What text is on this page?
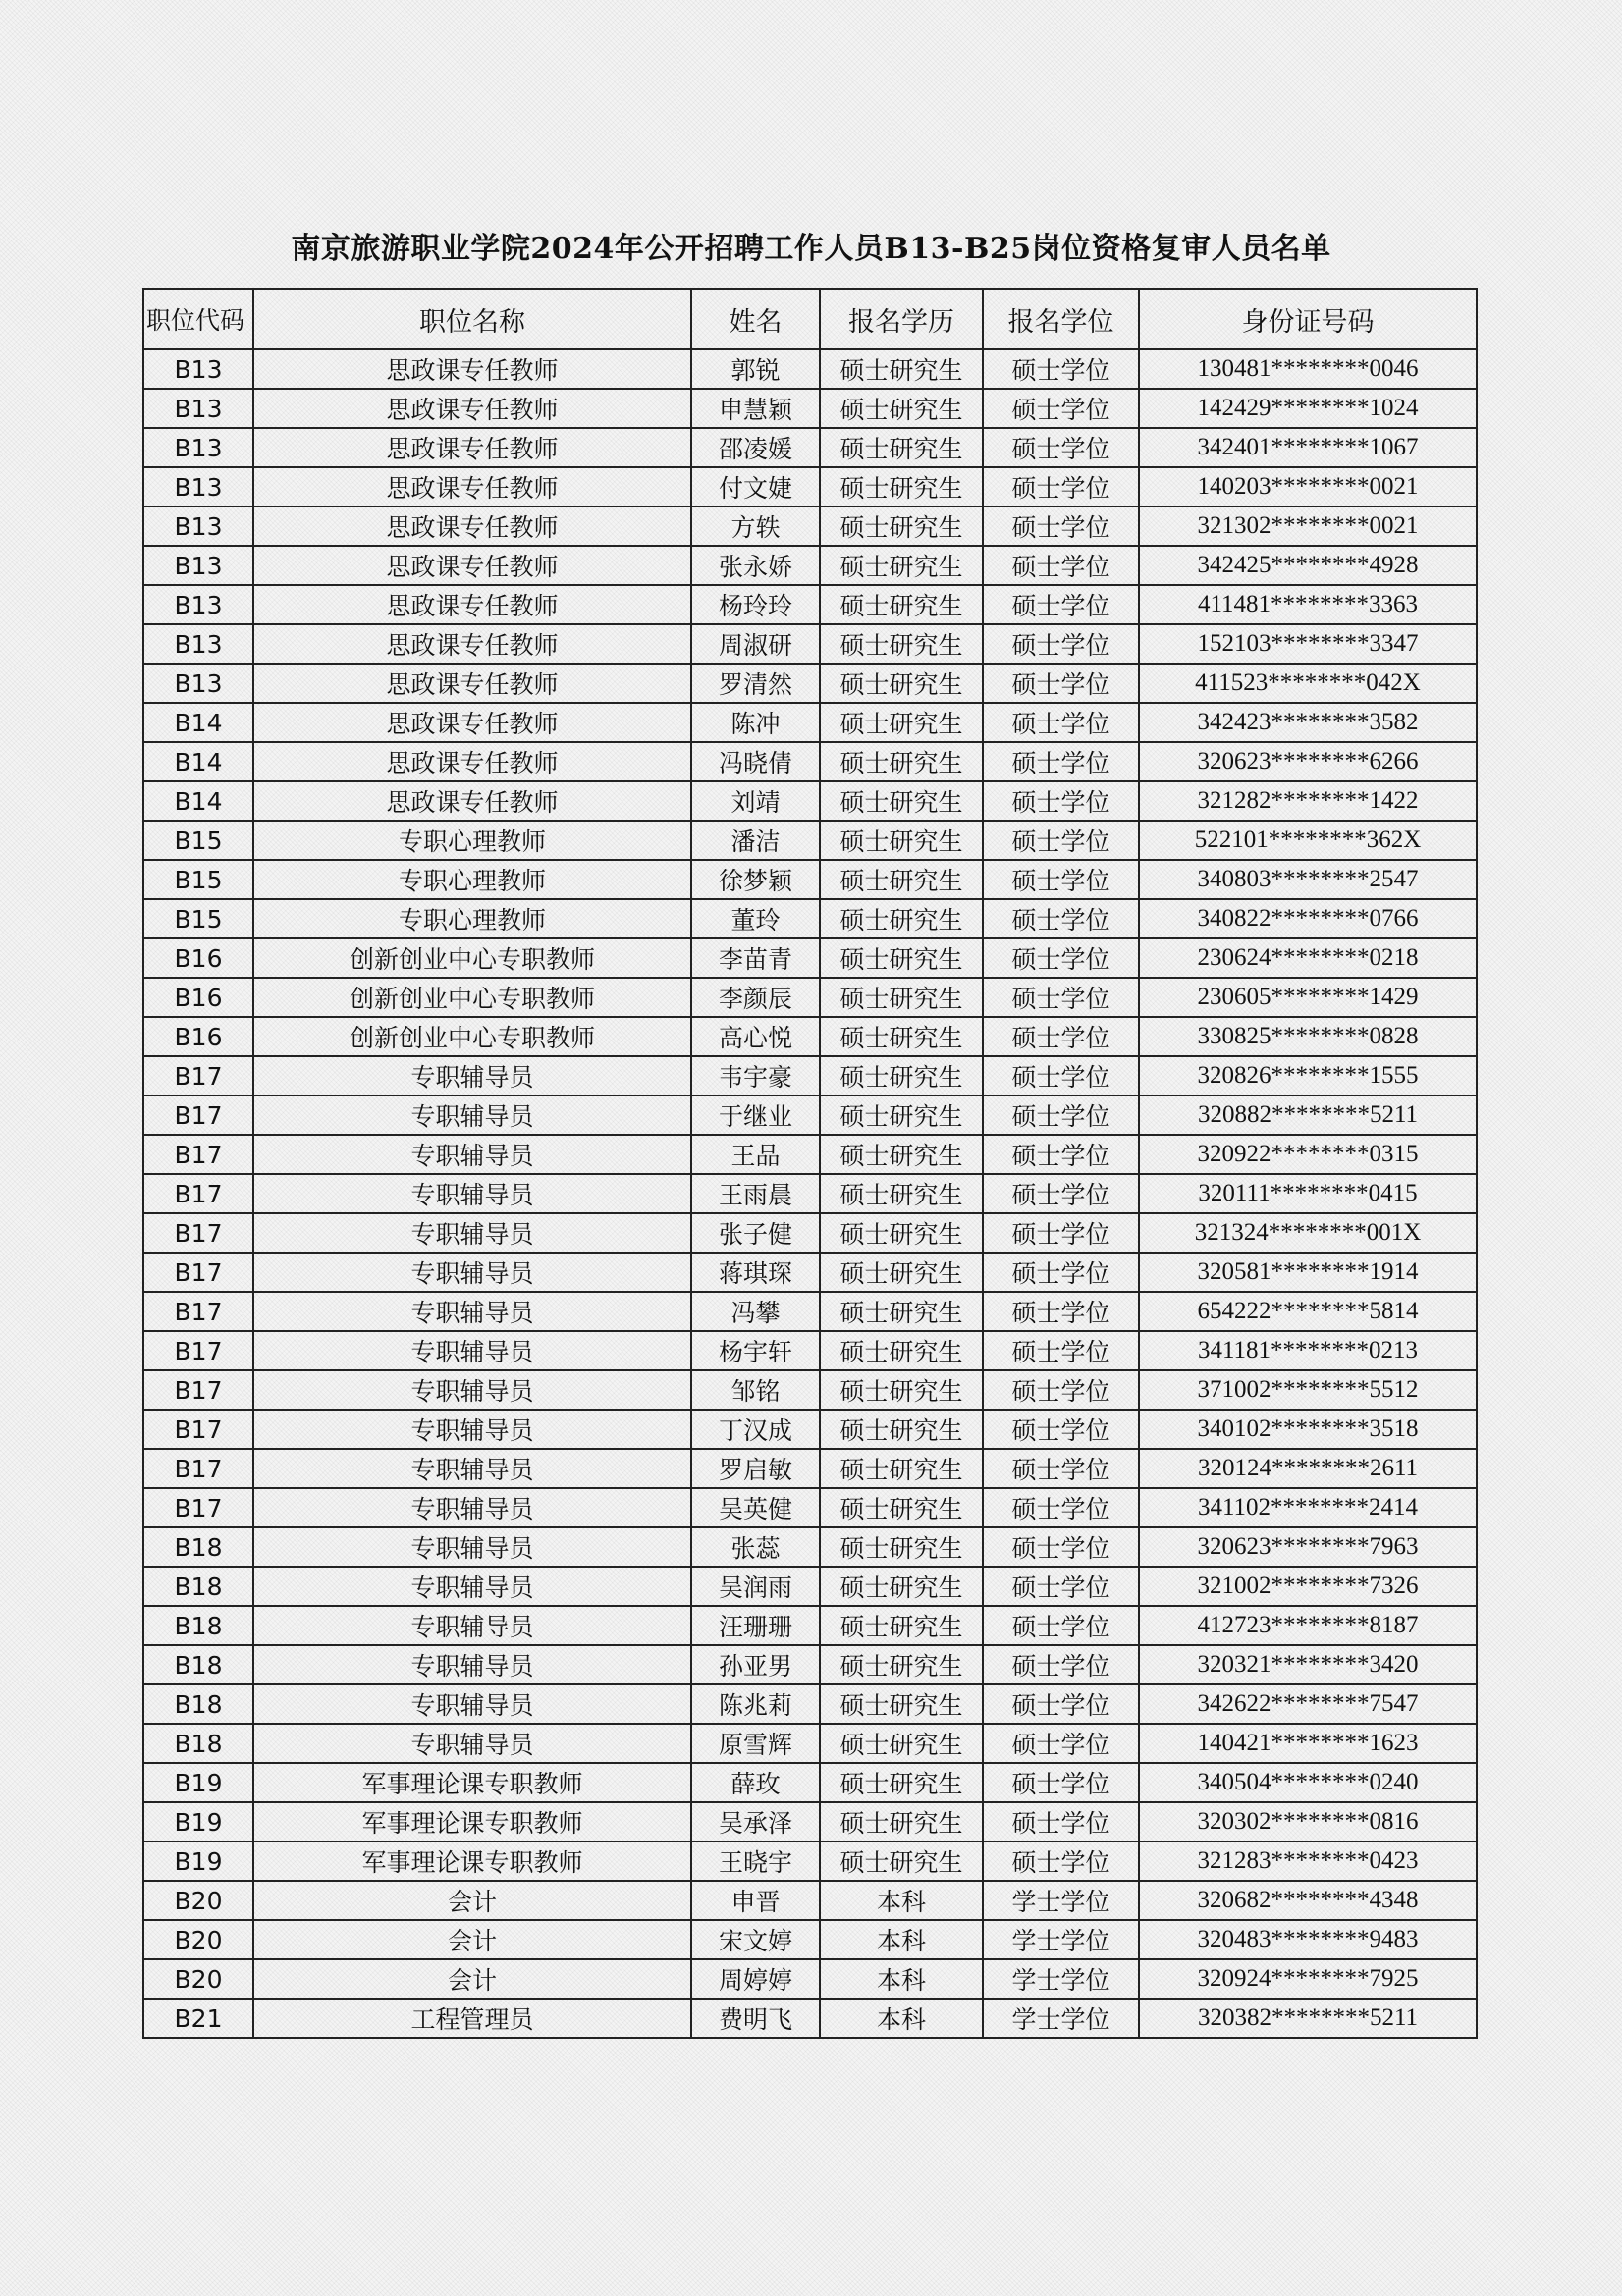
南京旅游职业学院2024年公开招聘工作人员B13-B25岗位资格复审人员名单
职位代码	职位名称	姓名	报名学历	报名学位	身份证号码
B13	思政课专任教师	郭锐	硕士研究生	硕士学位	130481********0046
B13	思政课专任教师	申慧颖	硕士研究生	硕士学位	142429********1024
B13	思政课专任教师	邵凌媛	硕士研究生	硕士学位	342401********1067
B13	思政课专任教师	付文婕	硕士研究生	硕士学位	140203********0021
B13	思政课专任教师	方轶	硕士研究生	硕士学位	321302********0021
B13	思政课专任教师	张永娇	硕士研究生	硕士学位	342425********4928
B13	思政课专任教师	杨玲玲	硕士研究生	硕士学位	411481********3363
B13	思政课专任教师	周淑研	硕士研究生	硕士学位	152103********3347
B13	思政课专任教师	罗清然	硕士研究生	硕士学位	411523********042X
B14	思政课专任教师	陈冲	硕士研究生	硕士学位	342423********3582
B14	思政课专任教师	冯晓倩	硕士研究生	硕士学位	320623********6266
B14	思政课专任教师	刘靖	硕士研究生	硕士学位	321282********1422
B15	专职心理教师	潘洁	硕士研究生	硕士学位	522101********362X
B15	专职心理教师	徐梦颖	硕士研究生	硕士学位	340803********2547
B15	专职心理教师	董玲	硕士研究生	硕士学位	340822********0766
B16	创新创业中心专职教师	李苗青	硕士研究生	硕士学位	230624********0218
B16	创新创业中心专职教师	李颜辰	硕士研究生	硕士学位	230605********1429
B16	创新创业中心专职教师	高心悦	硕士研究生	硕士学位	330825********0828
B17	专职辅导员	韦宇豪	硕士研究生	硕士学位	320826********1555
B17	专职辅导员	于继业	硕士研究生	硕士学位	320882********5211
B17	专职辅导员	王品	硕士研究生	硕士学位	320922********0315
B17	专职辅导员	王雨晨	硕士研究生	硕士学位	320111********0415
B17	专职辅导员	张子健	硕士研究生	硕士学位	321324********001X
B17	专职辅导员	蒋琪琛	硕士研究生	硕士学位	320581********1914
B17	专职辅导员	冯攀	硕士研究生	硕士学位	654222********5814
B17	专职辅导员	杨宇轩	硕士研究生	硕士学位	341181********0213
B17	专职辅导员	邹铭	硕士研究生	硕士学位	371002********5512
B17	专职辅导员	丁汉成	硕士研究生	硕士学位	340102********3518
B17	专职辅导员	罗启敏	硕士研究生	硕士学位	320124********2611
B17	专职辅导员	吴英健	硕士研究生	硕士学位	341102********2414
B18	专职辅导员	张蕊	硕士研究生	硕士学位	320623********7963
B18	专职辅导员	吴润雨	硕士研究生	硕士学位	321002********7326
B18	专职辅导员	汪珊珊	硕士研究生	硕士学位	412723********8187
B18	专职辅导员	孙亚男	硕士研究生	硕士学位	320321********3420
B18	专职辅导员	陈兆莉	硕士研究生	硕士学位	342622********7547
B18	专职辅导员	原雪辉	硕士研究生	硕士学位	140421********1623
B19	军事理论课专职教师	薛玫	硕士研究生	硕士学位	340504********0240
B19	军事理论课专职教师	吴承泽	硕士研究生	硕士学位	320302********0816
B19	军事理论课专职教师	王晓宇	硕士研究生	硕士学位	321283********0423
B20	会计	申晋	本科	学士学位	320682********4348
B20	会计	宋文婷	本科	学士学位	320483********9483
B20	会计	周婷婷	本科	学士学位	320924********7925
B21	工程管理员	费明飞	本科	学士学位	320382********5211
